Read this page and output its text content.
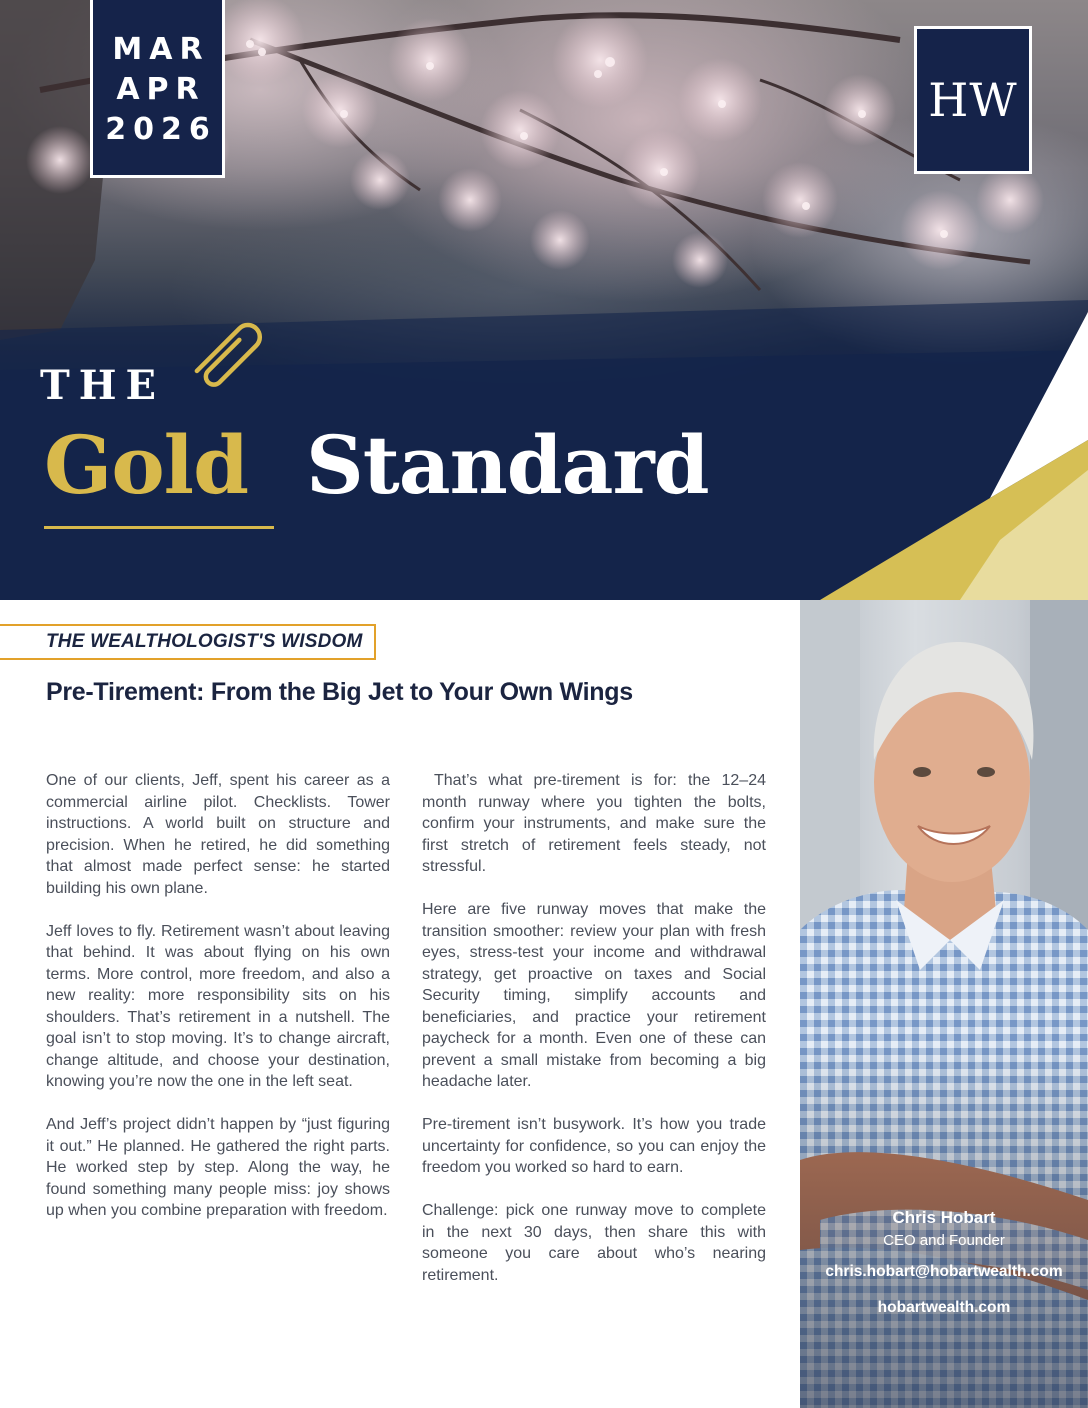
MAR
APR
2026
HW
THE
Gold Standard
THE WEALTHOLOGIST'S WISDOM
Pre-Tirement: From the Big Jet to Your Own Wings

One of our clients, Jeff, spent his career as a commercial airline pilot. Checklists. Tower instructions. A world built on structure and precision. When he retired, he did something that almost made perfect sense: he started building his own plane.

Jeff loves to fly. Retirement wasn’t about leaving that behind. It was about flying on his own terms. More control, more freedom, and also a new reality: more responsibility sits on his shoulders. That’s retirement in a nutshell. The goal isn’t to stop moving. It’s to change aircraft, change altitude, and choose your destination, knowing you’re now the one in the left seat.

And Jeff’s project didn’t happen by “just figuring it out.” He planned. He gathered the right parts. He worked step by step. Along the way, he found something many people miss: joy shows up when you combine preparation with freedom.

That’s what pre-tirement is for: the 12–24 month runway where you tighten the bolts, confirm your instruments, and make sure the first stretch of retirement feels steady, not stressful.

Here are five runway moves that make the transition smoother: review your plan with fresh eyes, stress-test your income and withdrawal strategy, get proactive on taxes and Social Security timing, simplify accounts and beneficiaries, and practice your retirement paycheck for a month. Even one of these can prevent a small mistake from becoming a big headache later.

Pre-tirement isn’t busywork. It’s how you trade uncertainty for confidence, so you can enjoy the freedom you worked so hard to earn.

Challenge: pick one runway move to complete in the next 30 days, then share this with someone you care about who’s nearing retirement.

Chris Hobart
CEO and Founder
chris.hobart@hobartwealth.com
hobartwealth.com
